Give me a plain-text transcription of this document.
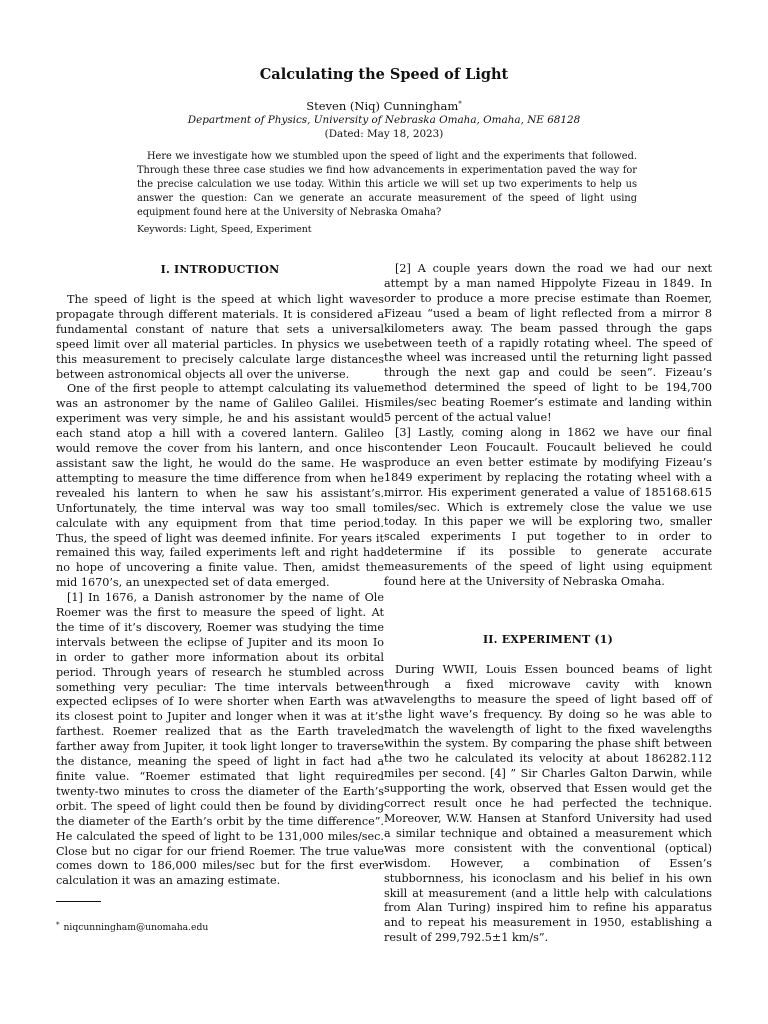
Calculating the Speed of Light
Steven (Niq) Cunningham*
Department of Physics, University of Nebraska Omaha, Omaha, NE 68128
(Dated: May 18, 2023)

Here we investigate how we stumbled upon the speed of light and the experiments that followed. Through these three case studies we find how advancements in experimentation paved the way for the precise calculation we use today. Within this article we will set up two experiments to help us answer the question: Can we generate an accurate measurement of the speed of light using equipment found here at the University of Nebraska Omaha?

Keywords: Light, Speed, Experiment

I. INTRODUCTION

The speed of light is the speed at which light waves propagate through different materials. It is considered a fundamental constant of nature that sets a universal speed limit over all material particles. In physics we use this measurement to precisely calculate large distances between astronomical objects all over the universe.

One of the first people to attempt calculating its value was an astronomer by the name of Galileo Galilei. His experiment was very simple, he and his assistant would each stand atop a hill with a covered lantern. Galileo would remove the cover from his lantern, and once his assistant saw the light, he would do the same. He was attempting to measure the time difference from when he revealed his lantern to when he saw his assistant’s. Unfortunately, the time interval was way too small to calculate with any equipment from that time period. Thus, the speed of light was deemed infinite. For years it remained this way, failed experiments left and right had no hope of uncovering a finite value. Then, amidst the mid 1670’s, an unexpected set of data emerged.

[1] In 1676, a Danish astronomer by the name of Ole Roemer was the first to measure the speed of light. At the time of it’s discovery, Roemer was studying the time intervals between the eclipse of Jupiter and its moon Io in order to gather more information about its orbital period. Through years of research he stumbled across something very peculiar: The time intervals between expected eclipses of Io were shorter when Earth was at its closest point to Jupiter and longer when it was at it’s farthest. Roemer realized that as the Earth traveled farther away from Jupiter, it took light longer to traverse the distance, meaning the speed of light in fact had a finite value. “Roemer estimated that light required twenty-two minutes to cross the diameter of the Earth’s orbit. The speed of light could then be found by dividing the diameter of the Earth’s orbit by the time difference”. He calculated the speed of light to be 131,000 miles/sec. Close but no cigar for our friend Roemer. The true value comes down to 186,000 miles/sec but for the first ever calculation it was an amazing estimate.

[2] A couple years down the road we had our next attempt by a man named Hippolyte Fizeau in 1849. In order to produce a more precise estimate than Roemer, Fizeau “used a beam of light reflected from a mirror 8 kilometers away. The beam passed through the gaps between teeth of a rapidly rotating wheel. The speed of the wheel was increased until the returning light passed through the next gap and could be seen”. Fizeau’s method determined the speed of light to be 194,700 miles/sec beating Roemer’s estimate and landing within 5 percent of the actual value!

[3] Lastly, coming along in 1862 we have our final contender Leon Foucault. Foucault believed he could produce an even better estimate by modifying Fizeau’s 1849 experiment by replacing the rotating wheel with a mirror. His experiment generated a value of 185168.615 miles/sec. Which is extremely close the value we use today. In this paper we will be exploring two, smaller scaled experiments I put together to in order to determine if its possible to generate accurate measurements of the speed of light using equipment found here at the University of Nebraska Omaha.

II. EXPERIMENT (1)

During WWII, Louis Essen bounced beams of light through a fixed microwave cavity with known wavelengths to measure the speed of light based off of the light wave’s frequency. By doing so he was able to match the wavelength of light to the fixed wavelengths within the system. By comparing the phase shift between the two he calculated its velocity at about 186282.112 miles per second. [4] ” Sir Charles Galton Darwin, while supporting the work, observed that Essen would get the correct result once he had perfected the technique. Moreover, W.W. Hansen at Stanford University had used a similar technique and obtained a measurement which was more consistent with the conventional (optical) wisdom. However, a combination of Essen’s stubbornness, his iconoclasm and his belief in his own skill at measurement (and a little help with calculations from Alan Turing) inspired him to refine his apparatus and to repeat his measurement in 1950, establishing a result of 299,792.5±1 km/s”.

* niqcunningham@unomaha.edu
